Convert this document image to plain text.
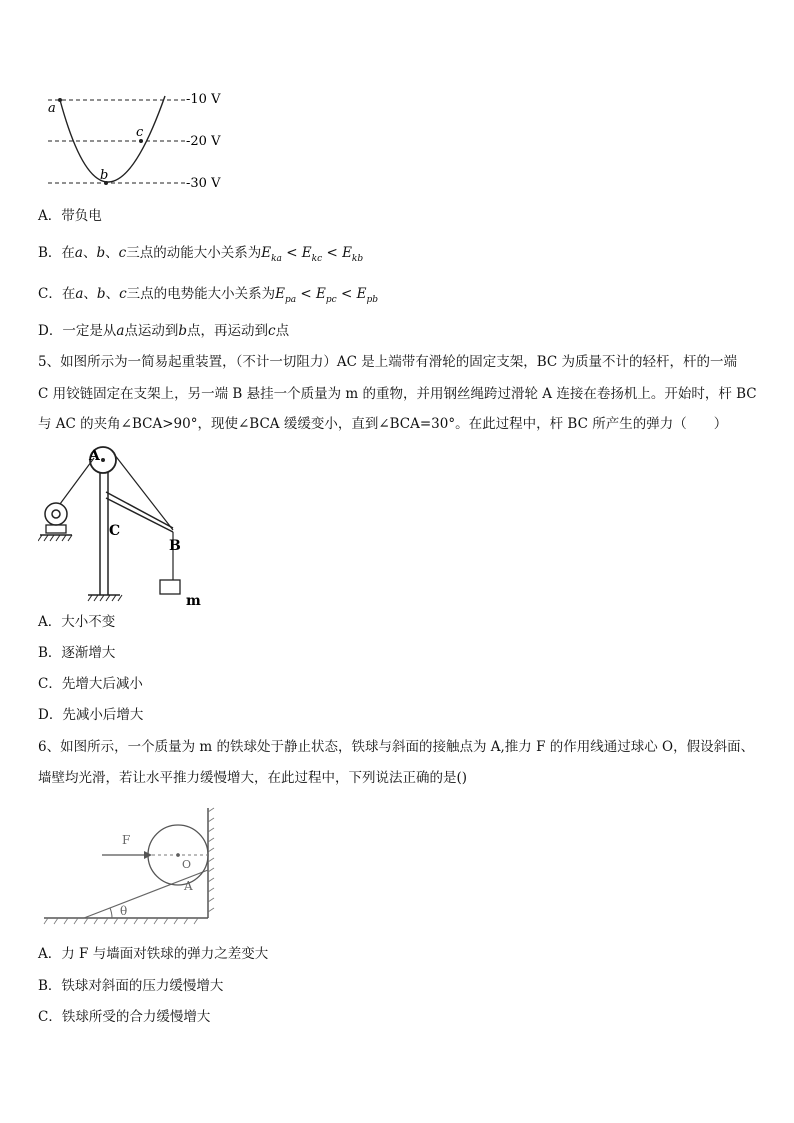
a
b
c
-10 V
-20 V
-30 V
A．带负电
B．在a、b、c三点的动能大小关系为$E_{ka} < E_{kc} < E_{kb}$
C．在a、b、c三点的电势能大小关系为$E_{pa} < E_{pc} < E_{pb}$
D．一定是从a点运动到b点，再运动到c点
5、如图所示为一简易起重装置，（不计一切阻力）AC 是上端带有滑轮的固定支架，BC 为质量不计的轻杆，杆的一端
C 用铰链固定在支架上，另一端 B 悬挂一个质量为 m 的重物，并用钢丝绳跨过滑轮 A 连接在卷扬机上。开始时，杆 BC
与 AC 的夹角∠BCA>90°，现使∠BCA 缓缓变小，直到∠BCA=30°。在此过程中，杆 BC 所产生的弹力（　　）
A
C
B
m
A．大小不变
B．逐渐增大
C．先增大后减小
D．先减小后增大
6、如图所示，一个质量为 m 的铁球处于静止状态，铁球与斜面的接触点为 A,推力 F 的作用线通过球心 O，假设斜面、
墙壁均光滑，若让水平推力缓慢增大，在此过程中，下列说法正确的是()
F
O
A
θ
A．力 F 与墙面对铁球的弹力之差变大
B．铁球对斜面的压力缓慢增大
C．铁球所受的合力缓慢增大
